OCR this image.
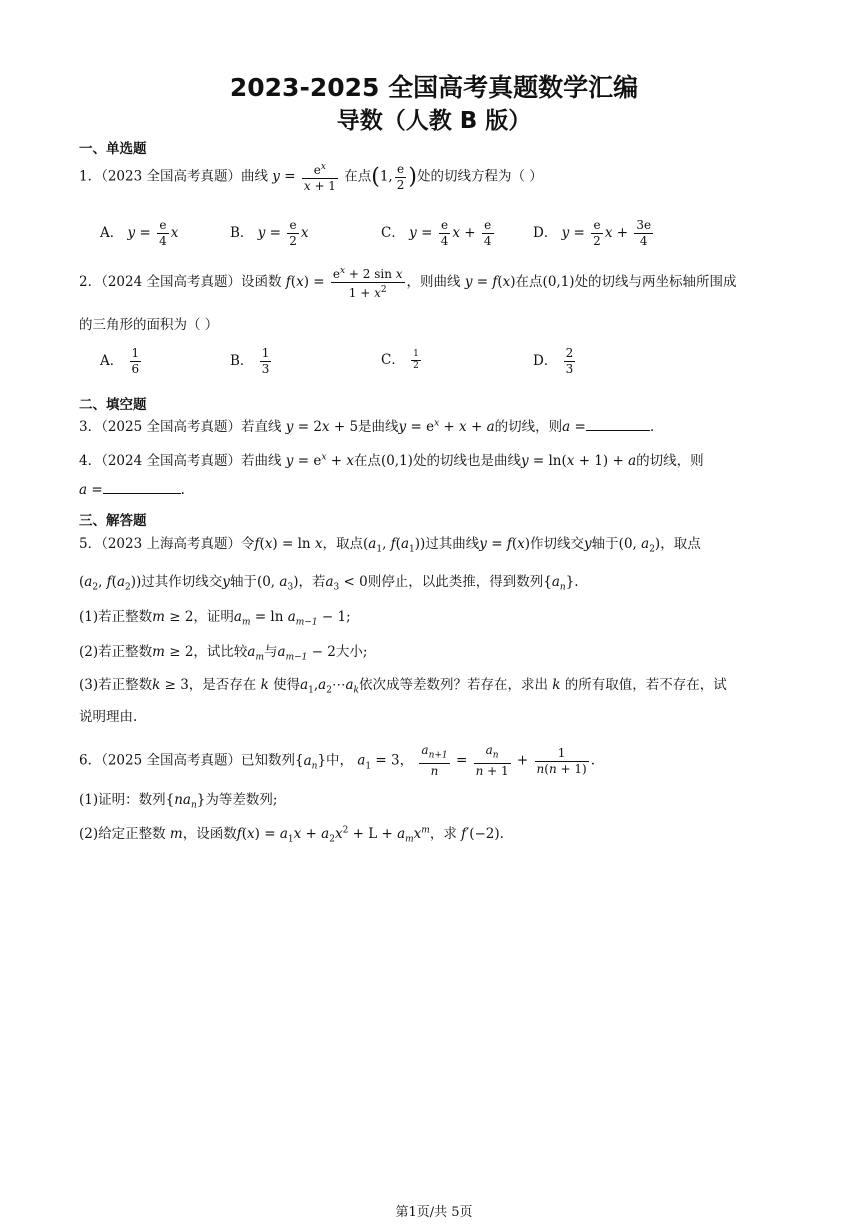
2023-2025 全国高考真题数学汇编
导数（人教 B 版）
一、单选题
1．（2023 全国高考真题）曲线 $y = \frac{e^x}{x + 1}$ 在点(1, $\frac{e}{2}$ )处的切线方程为（ ）
A． $y = \frac{e}{4}$ x	B． $y = \frac{e}{2}$ x	C． $y = \frac{e}{4}$ $x + \frac{e}{4}$	D． $y = \frac{e}{2}$ $x + \frac{3e}{4}$
2．（2024 全国高考真题）设函数 $f(x) = \frac{e^x + 2 \sin x}{1 + x^2}$ ，则曲线 y = f(x)在点(0,1)处的切线与两坐标轴所围成
的三角形的面积为（ ）
A． $\frac{1}{6}$	B． $\frac{1}{3}$	C． $\frac{1}{2}$	D． $\frac{2}{3}$
二、填空题
3．（2025 全国高考真题）若直线 y = 2x + 5是曲线$y = e^x + x + a$的切线，则a =	.
4．（2024 全国高考真题）若曲线 $y = e^x + x$在点(0,1)处的切线也是曲线y = ln(x + 1) + a的切线，则
a =	.
三、解答题
5．（2023 上海高考真题）令f(x) = ln x，取点($a_1$, $f(a_1)$)过其曲线y = f(x)作切线交y轴于(0, $a_2$)，取点
($a_2$, $f(a_2)$)过其作切线交y轴于(0, $a_3$)，若$a_3 < 0$则停止，以此类推，得到数列$\{a_n\}$.
(1)若正整数m ≥ 2，证明$a_m = \ln a_{m-1} - 1$;
(2)若正整数m ≥ 2，试比较$a_m$与$a_{m-1} - 2$大小;
(3)若正整数k ≥ 3，是否存在 k 使得$a_1,a_2\cdots a_k$依次成等差数列？若存在，求出 k 的所有取值，若不存在，试
说明理由.
6．（2025 全国高考真题）已知数列$\{a_n\}$中， $a_1 = 3$， $\frac{a_{n+1}}{n} = \frac{a_n}{n + 1} + \frac{1}{n(n + 1)}$ .
(1)证明：数列$\{na_n\}$为等差数列;
(2)给定正整数 m，设函数$f(x) = a_1x + a_2x^2 + L + a_mx^m$，求 f′(−2).
第1页/共 5页
